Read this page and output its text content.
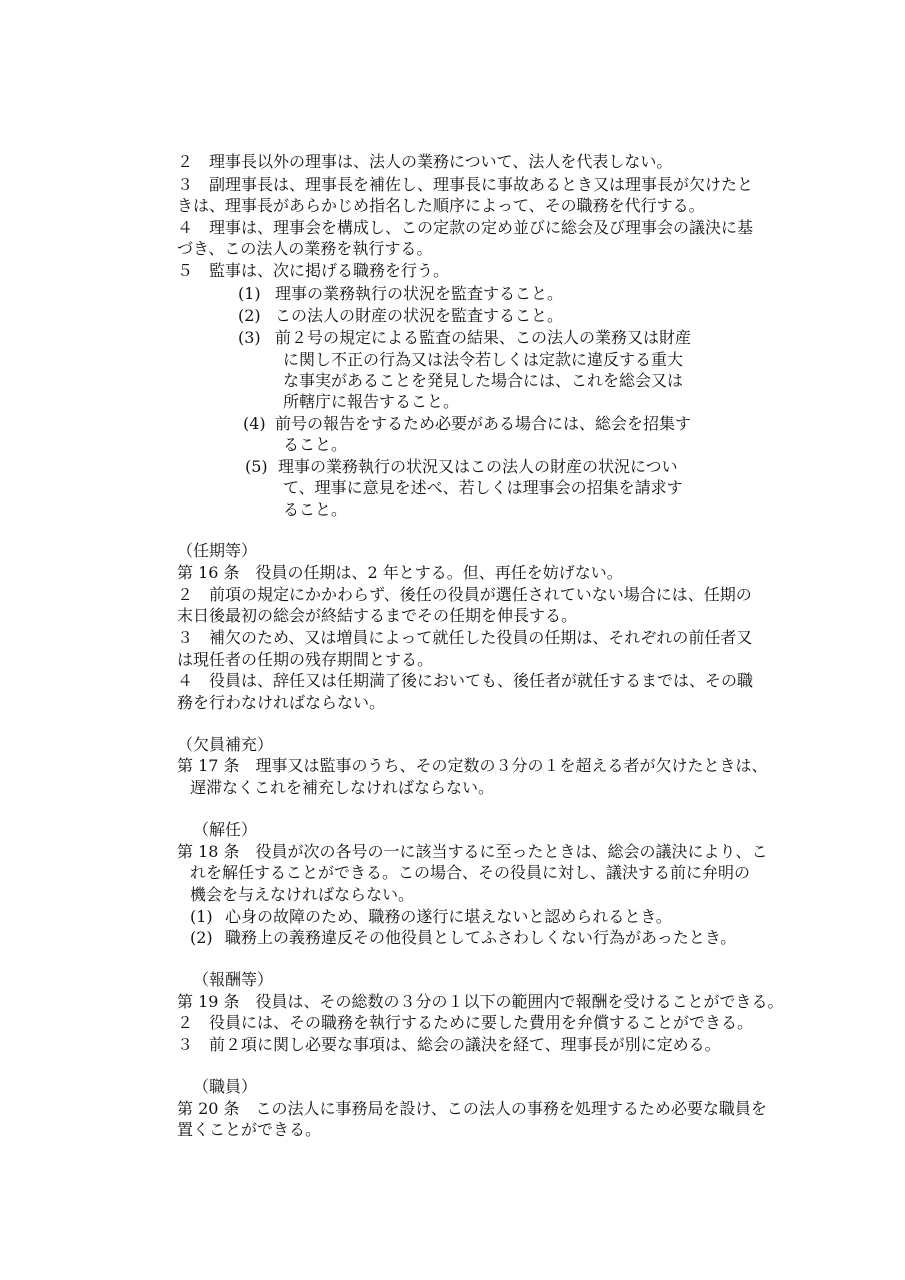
２　理事長以外の理事は、法人の業務について、法人を代表しない。
３　副理事長は、理事長を補佐し、理事長に事故あるとき又は理事長が欠けたと
きは、理事長があらかじめ指名した順序によって、その職務を代行する。
４　理事は、理事会を構成し、この定款の定め並びに総会及び理事会の議決に基
づき、この法人の業務を執行する。
５　監事は、次に掲げる職務を行う。
(1) 理事の業務執行の状況を監査すること。
(2) この法人の財産の状況を監査すること。
(3) 前２号の規定による監査の結果、この法人の業務又は財産
に関し不正の行為又は法令若しくは定款に違反する重大
な事実があることを発見した場合には、これを総会又は
所轄庁に報告すること。
(4) 前号の報告をするため必要がある場合には、総会を招集す
ること。
(5) 理事の業務執行の状況又はこの法人の財産の状況につい
て、理事に意見を述べ、若しくは理事会の招集を請求す
ること。
（任期等）
第 16 条　役員の任期は、2 年とする。但、再任を妨げない。
２　前項の規定にかかわらず、後任の役員が選任されていない場合には、任期の
末日後最初の総会が終結するまでその任期を伸長する。
３　補欠のため、又は増員によって就任した役員の任期は、それぞれの前任者又
は現任者の任期の残存期間とする。
４　役員は、辞任又は任期満了後においても、後任者が就任するまでは、その職
務を行わなければならない。
（欠員補充）
第 17 条　理事又は監事のうち、その定数の３分の１を超える者が欠けたときは、
遅滞なくこれを補充しなければならない。
（解任）
第 18 条　役員が次の各号の一に該当するに至ったときは、総会の議決により、こ
れを解任することができる。この場合、その役員に対し、議決する前に弁明の
機会を与えなければならない。
(1) 心身の故障のため、職務の遂行に堪えないと認められるとき。
(2) 職務上の義務違反その他役員としてふさわしくない行為があったとき。
（報酬等）
第 19 条　役員は、その総数の３分の１以下の範囲内で報酬を受けることができる。
２　役員には、その職務を執行するために要した費用を弁償することができる。
３　前２項に関し必要な事項は、総会の議決を経て、理事長が別に定める。
（職員）
第 20 条　この法人に事務局を設け、この法人の事務を処理するため必要な職員を
置くことができる。
